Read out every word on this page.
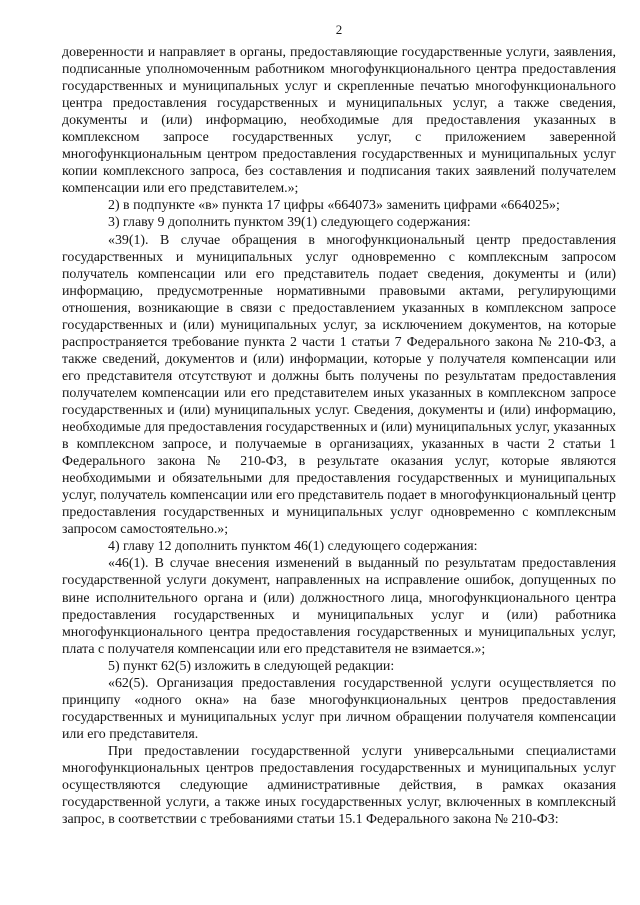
2

доверенности и направляет в органы, предоставляющие государственные услуги, заявления, подписанные уполномоченным работником многофункционального центра предоставления государственных и муниципальных услуг и скрепленные печатью многофункционального центра предоставления государственных и муниципальных услуг, а также сведения, документы и (или) информацию, необходимые для предоставления указанных в комплексном запросе государственных услуг, с приложением заверенной многофункциональным центром предоставления государственных и муниципальных услуг копии комплексного запроса, без составления и подписания таких заявлений получателем компенсации или его представителем.»;

2) в подпункте «в» пункта 17 цифры «664073» заменить цифрами «664025»;

3) главу 9 дополнить пунктом 39(1) следующего содержания:

«39(1). В случае обращения в многофункциональный центр предоставления государственных и муниципальных услуг одновременно с комплексным запросом получатель компенсации или его представитель подает сведения, документы и (или) информацию, предусмотренные нормативными правовыми актами, регулирующими отношения, возникающие в связи с предоставлением указанных в комплексном запросе государственных и (или) муниципальных услуг, за исключением документов, на которые распространяется требование пункта 2 части 1 статьи 7 Федерального закона № 210-ФЗ, а также сведений, документов и (или) информации, которые у получателя компенсации или его представителя отсутствуют и должны быть получены по результатам предоставления получателем компенсации или его представителем иных указанных в комплексном запросе государственных и (или) муниципальных услуг. Сведения, документы и (или) информацию, необходимые для предоставления государственных и (или) муниципальных услуг, указанных в комплексном запросе, и получаемые в организациях, указанных в части 2 статьи 1 Федерального закона № 210-ФЗ, в результате оказания услуг, которые являются необходимыми и обязательными для предоставления государственных и муниципальных услуг, получатель компенсации или его представитель подает в многофункциональный центр предоставления государственных и муниципальных услуг одновременно с комплексным запросом самостоятельно.»;

4) главу 12 дополнить пунктом 46(1) следующего содержания:

«46(1). В случае внесения изменений в выданный по результатам предоставления государственной услуги документ, направленных на исправление ошибок, допущенных по вине исполнительного органа и (или) должностного лица, многофункционального центра предоставления государственных и муниципальных услуг и (или) работника многофункционального центра предоставления государственных и муниципальных услуг, плата с получателя компенсации или его представителя не взимается.»;

5) пункт 62(5) изложить в следующей редакции:

«62(5). Организация предоставления государственной услуги осуществляется по принципу «одного окна» на базе многофункциональных центров предоставления государственных и муниципальных услуг при личном обращении получателя компенсации или его представителя.

При предоставлении государственной услуги универсальными специалистами многофункциональных центров предоставления государственных и муниципальных услуг осуществляются следующие административные действия, в рамках оказания государственной услуги, а также иных государственных услуг, включенных в комплексный запрос, в соответствии с требованиями статьи 15.1 Федерального закона № 210-ФЗ:
